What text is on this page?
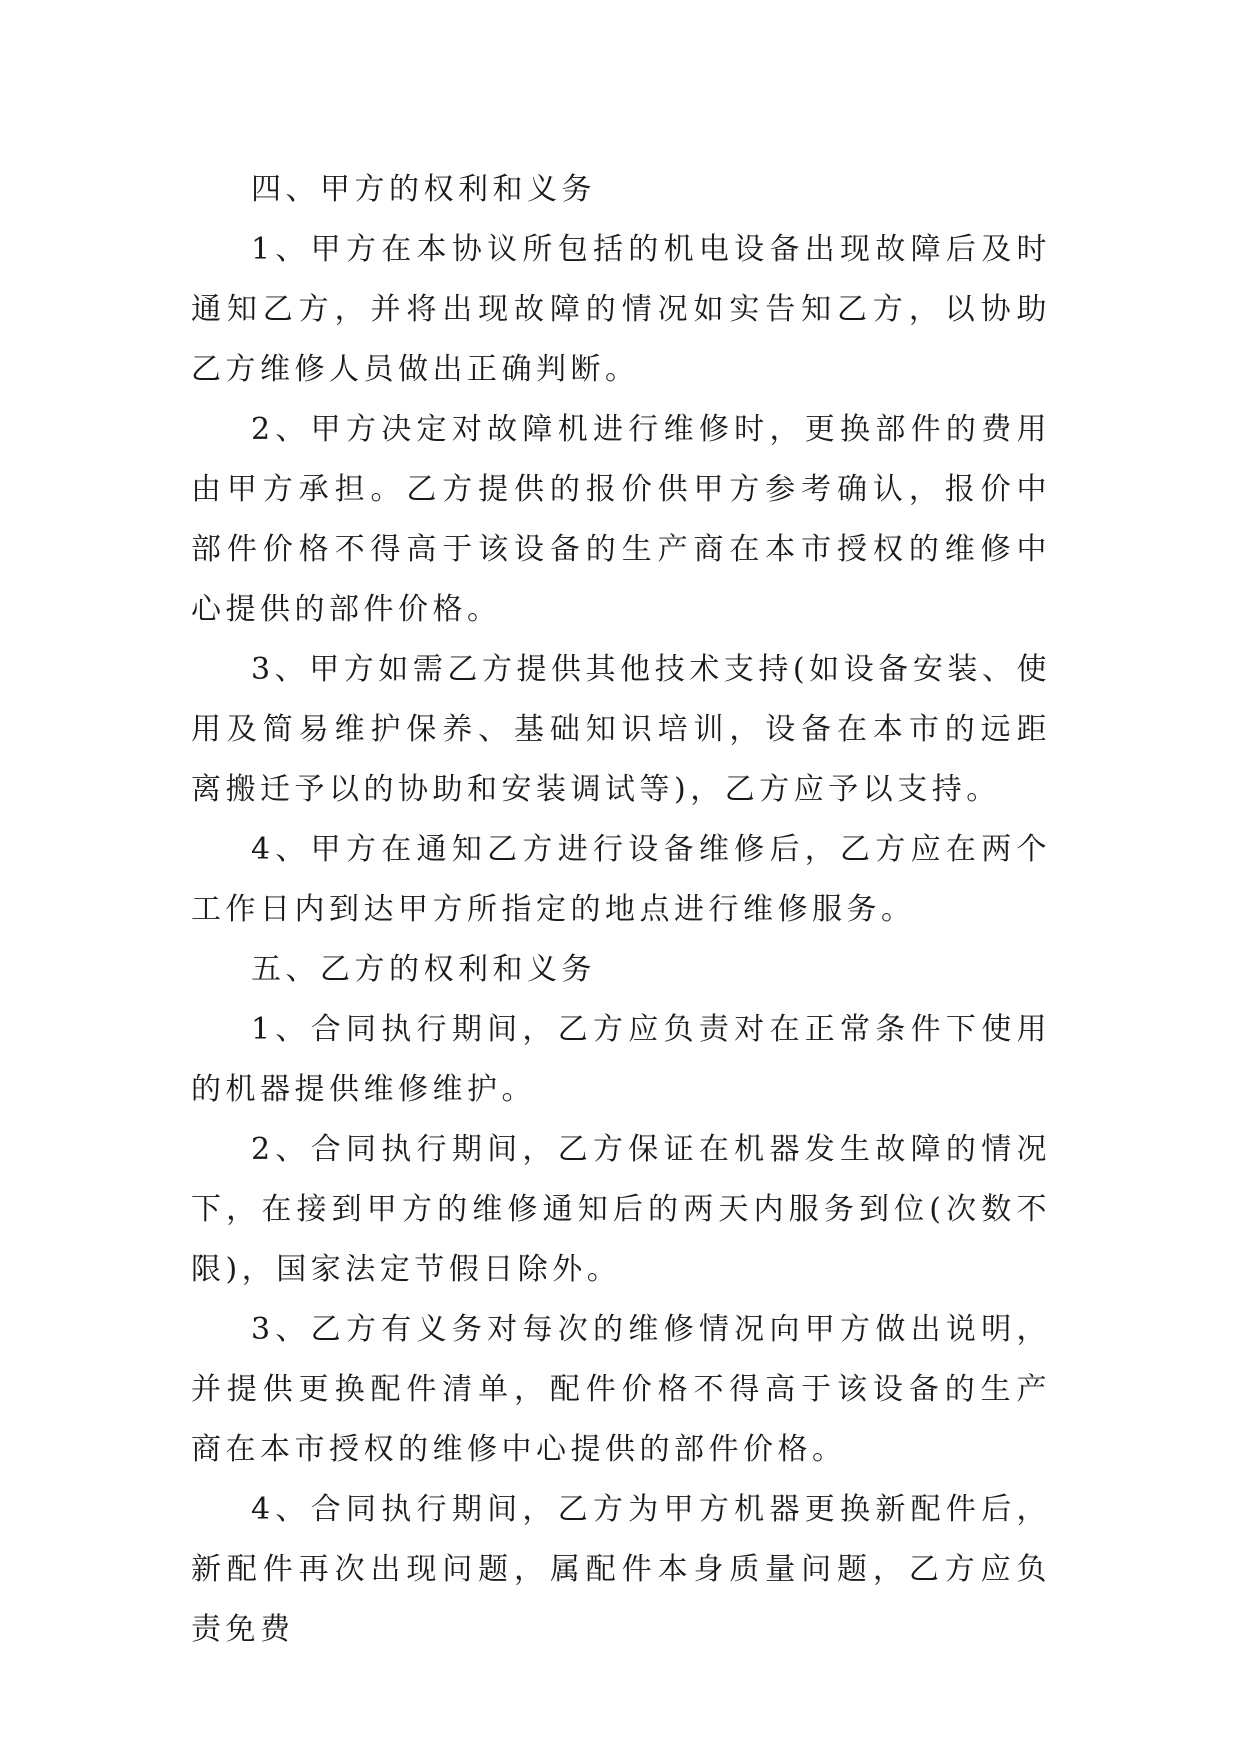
四、甲方的权利和义务

1、甲方在本协议所包括的机电设备出现故障后及时通知乙方，并将出现故障的情况如实告知乙方，以协助乙方维修人员做出正确判断。

2、甲方决定对故障机进行维修时，更换部件的费用由甲方承担。乙方提供的报价供甲方参考确认，报价中部件价格不得高于该设备的生产商在本市授权的维修中心提供的部件价格。

3、甲方如需乙方提供其他技术支持(如设备安装、使用及简易维护保养、基础知识培训，设备在本市的远距离搬迁予以的协助和安装调试等)，乙方应予以支持。

4、甲方在通知乙方进行设备维修后，乙方应在两个工作日内到达甲方所指定的地点进行维修服务。

五、乙方的权利和义务

1、合同执行期间，乙方应负责对在正常条件下使用的机器提供维修维护。

2、合同执行期间，乙方保证在机器发生故障的情况下，在接到甲方的维修通知后的两天内服务到位(次数不限)，国家法定节假日除外。

3、乙方有义务对每次的维修情况向甲方做出说明，并提供更换配件清单，配件价格不得高于该设备的生产商在本市授权的维修中心提供的部件价格。

4、合同执行期间，乙方为甲方机器更换新配件后，新配件再次出现问题，属配件本身质量问题，乙方应负责免费
